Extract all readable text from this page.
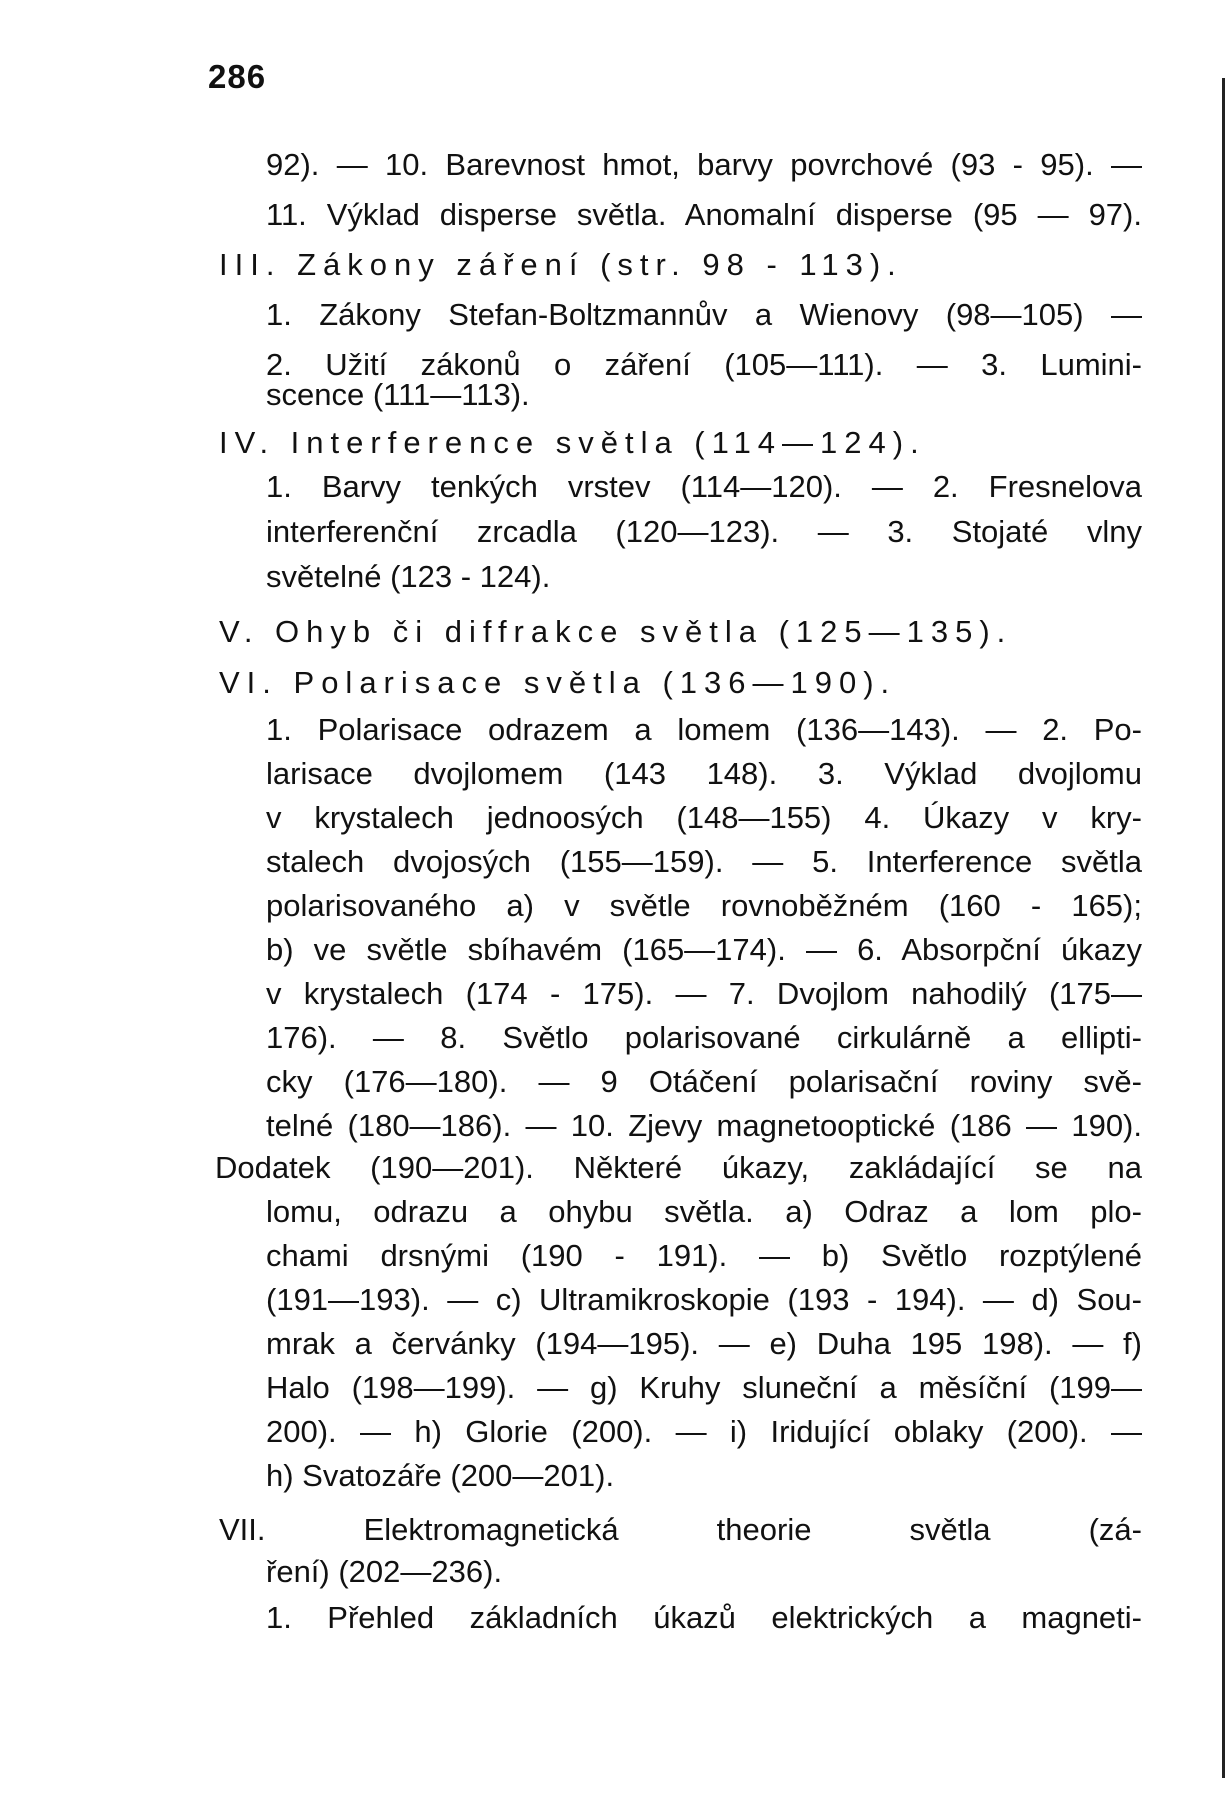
286
92). — 10. Barevnost hmot, barvy povrchové (93 - 95). —
11. Výklad disperse světla. Anomalní disperse (95 — 97).
III. Zákony záření (str. 98 - 113).
1. Zákony Stefan-Boltzmannův a Wienovy (98—105) —
2. Užití zákonů o záření (105—111). — 3. Lumini-
scence (111—113).
IV. Interference světla (114—124).
1. Barvy tenkých vrstev (114—120). — 2. Fresnelova
interferenční zrcadla (120—123). — 3. Stojaté vlny
světelné (123 - 124).
V. Ohyb či diffrakce světla (125—135).
VI. Polarisace světla (136—190).
1. Polarisace odrazem a lomem (136—143). — 2. Po-
larisace dvojlomem (143 148). 3. Výklad dvojlomu
v krystalech jednoosých (148—155) 4. Úkazy v kry-
stalech dvojosých (155—159). — 5. Interference světla
polarisovaného a) v světle rovnoběžném (160 - 165);
b) ve světle sbíhavém (165—174). — 6. Absorpční úkazy
v krystalech (174 - 175). — 7. Dvojlom nahodilý (175—
176). — 8. Světlo polarisované cirkulárně a ellipti-
cky (176—180). — 9 Otáčení polarisační roviny svě-
telné (180—186). — 10. Zjevy magnetooptické (186 — 190).
Dodatek (190—201). Některé úkazy, zakládající se na
lomu, odrazu a ohybu světla. a) Odraz a lom plo-
chami drsnými (190 - 191). — b) Světlo rozptýlené
(191—193). — c) Ultramikroskopie (193 - 194). — d) Sou-
mrak a červánky (194—195). — e) Duha 195 198). — f)
Halo (198—199). — g) Kruhy sluneční a měsíční (199—
200). — h) Glorie (200). — i) Iridující oblaky (200). —
h) Svatozáře (200—201).
VII. Elektromagnetická theorie světla (zá-
ření) (202—236).
1. Přehled základních úkazů elektrických a magneti-
